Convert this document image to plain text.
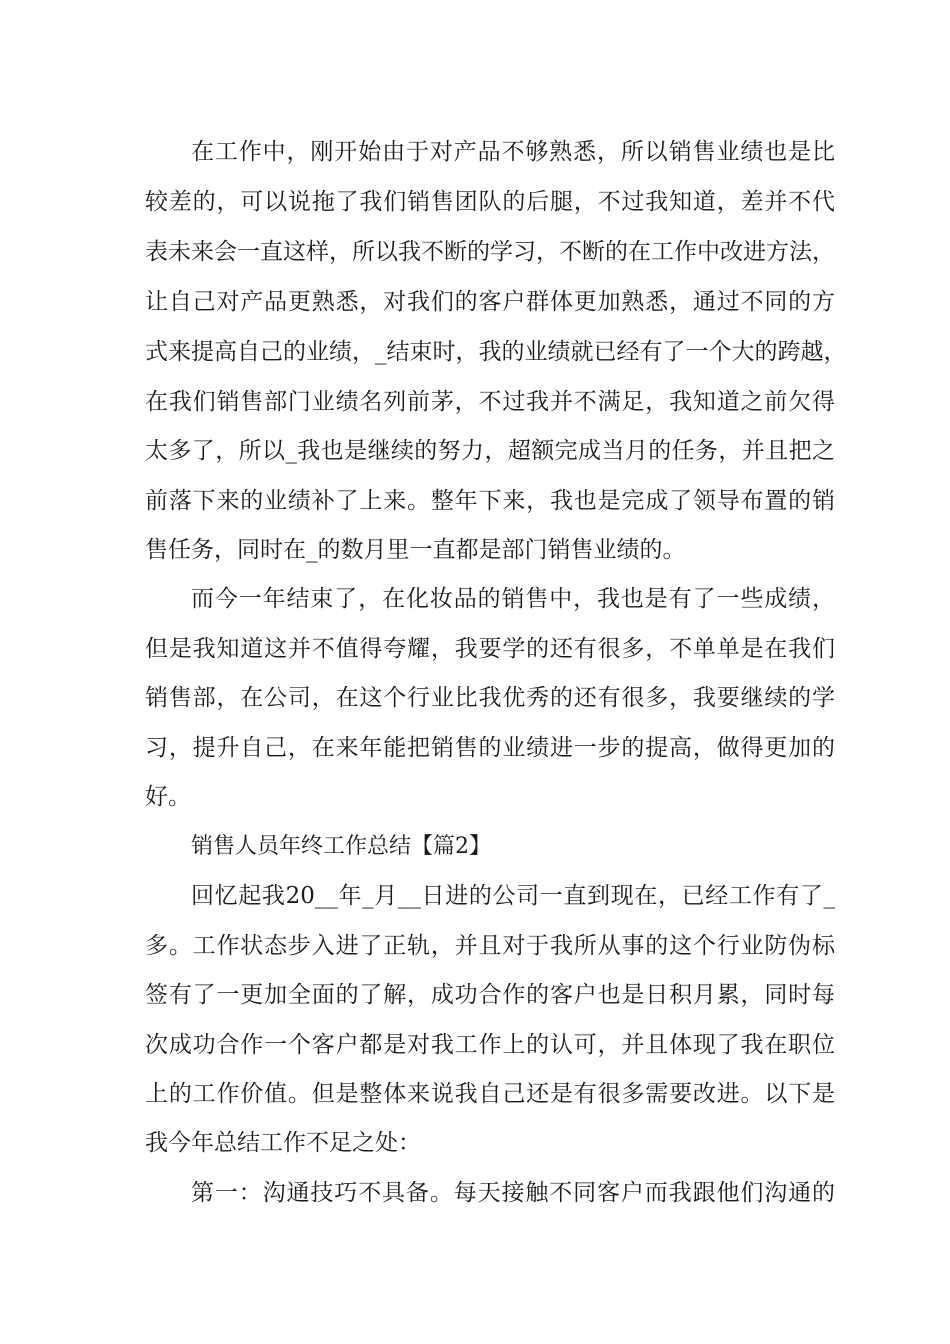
在工作中，刚开始由于对产品不够熟悉，所以销售业绩也是比
较差的，可以说拖了我们销售团队的后腿，不过我知道，差并不代
表未来会一直这样，所以我不断的学习，不断的在工作中改进方法，
让自己对产品更熟悉，对我们的客户群体更加熟悉，通过不同的方
式来提高自己的业绩，_结束时，我的业绩就已经有了一个大的跨越，
在我们销售部门业绩名列前茅，不过我并不满足，我知道之前欠得
太多了，所以_我也是继续的努力，超额完成当月的任务，并且把之
前落下来的业绩补了上来。整年下来，我也是完成了领导布置的销
售任务，同时在_的数月里一直都是部门销售业绩的。
而今一年结束了，在化妆品的销售中，我也是有了一些成绩，
但是我知道这并不值得夸耀，我要学的还有很多，不单单是在我们
销售部，在公司，在这个行业比我优秀的还有很多，我要继续的学
习，提升自己，在来年能把销售的业绩进一步的提高，做得更加的
好。
销售人员年终工作总结【篇2】
回忆起我20__年_月__日进的公司一直到现在，已经工作有了_
多。工作状态步入进了正轨，并且对于我所从事的这个行业防伪标
签有了一更加全面的了解，成功合作的客户也是日积月累，同时每
次成功合作一个客户都是对我工作上的认可，并且体现了我在职位
上的工作价值。但是整体来说我自己还是有很多需要改进。以下是
我今年总结工作不足之处：
第一：沟通技巧不具备。每天接触不同客户而我跟他们沟通的
